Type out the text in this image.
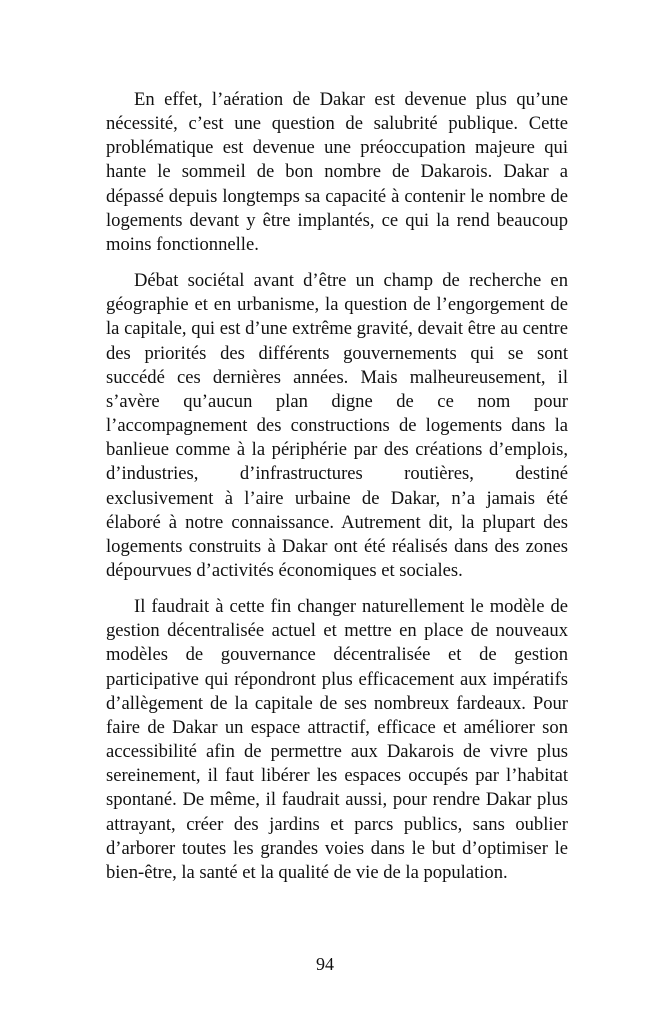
En effet, l’aération de Dakar est devenue plus qu’une nécessité, c’est une question de salubrité publique. Cette problématique est devenue une préoccupation majeure qui hante le sommeil de bon nombre de Dakarois. Dakar a dépassé depuis longtemps sa capacité à contenir le nombre de logements devant y être implantés, ce qui la rend beaucoup moins fonctionnelle.

Débat sociétal avant d’être un champ de recherche en géographie et en urbanisme, la question de l’engorgement de la capitale, qui est d’une extrême gravité, devait être au centre des priorités des différents gouvernements qui se sont succédé ces dernières années. Mais malheureusement, il s’avère qu’aucun plan digne de ce nom pour l’accompagnement des constructions de logements dans la banlieue comme à la périphérie par des créations d’emplois, d’industries, d’infrastructures routières, destiné exclusivement à l’aire urbaine de Dakar, n’a jamais été élaboré à notre connaissance. Autrement dit, la plupart des logements construits à Dakar ont été réalisés dans des zones dépourvues d’activités économiques et sociales.

Il faudrait à cette fin changer naturellement le modèle de gestion décentralisée actuel et mettre en place de nouveaux modèles de gouvernance décentralisée et de gestion participative qui répondront plus efficacement aux impératifs d’allègement de la capitale de ses nombreux fardeaux. Pour faire de Dakar un espace attractif, efficace et améliorer son accessibilité afin de permettre aux Dakarois de vivre plus sereinement, il faut libérer les espaces occupés par l’habitat spontané. De même, il faudrait aussi, pour rendre Dakar plus attrayant, créer des jardins et parcs publics, sans oublier d’arborer toutes les grandes voies dans le but d’optimiser le bien-être, la santé et la qualité de vie de la population.

94
